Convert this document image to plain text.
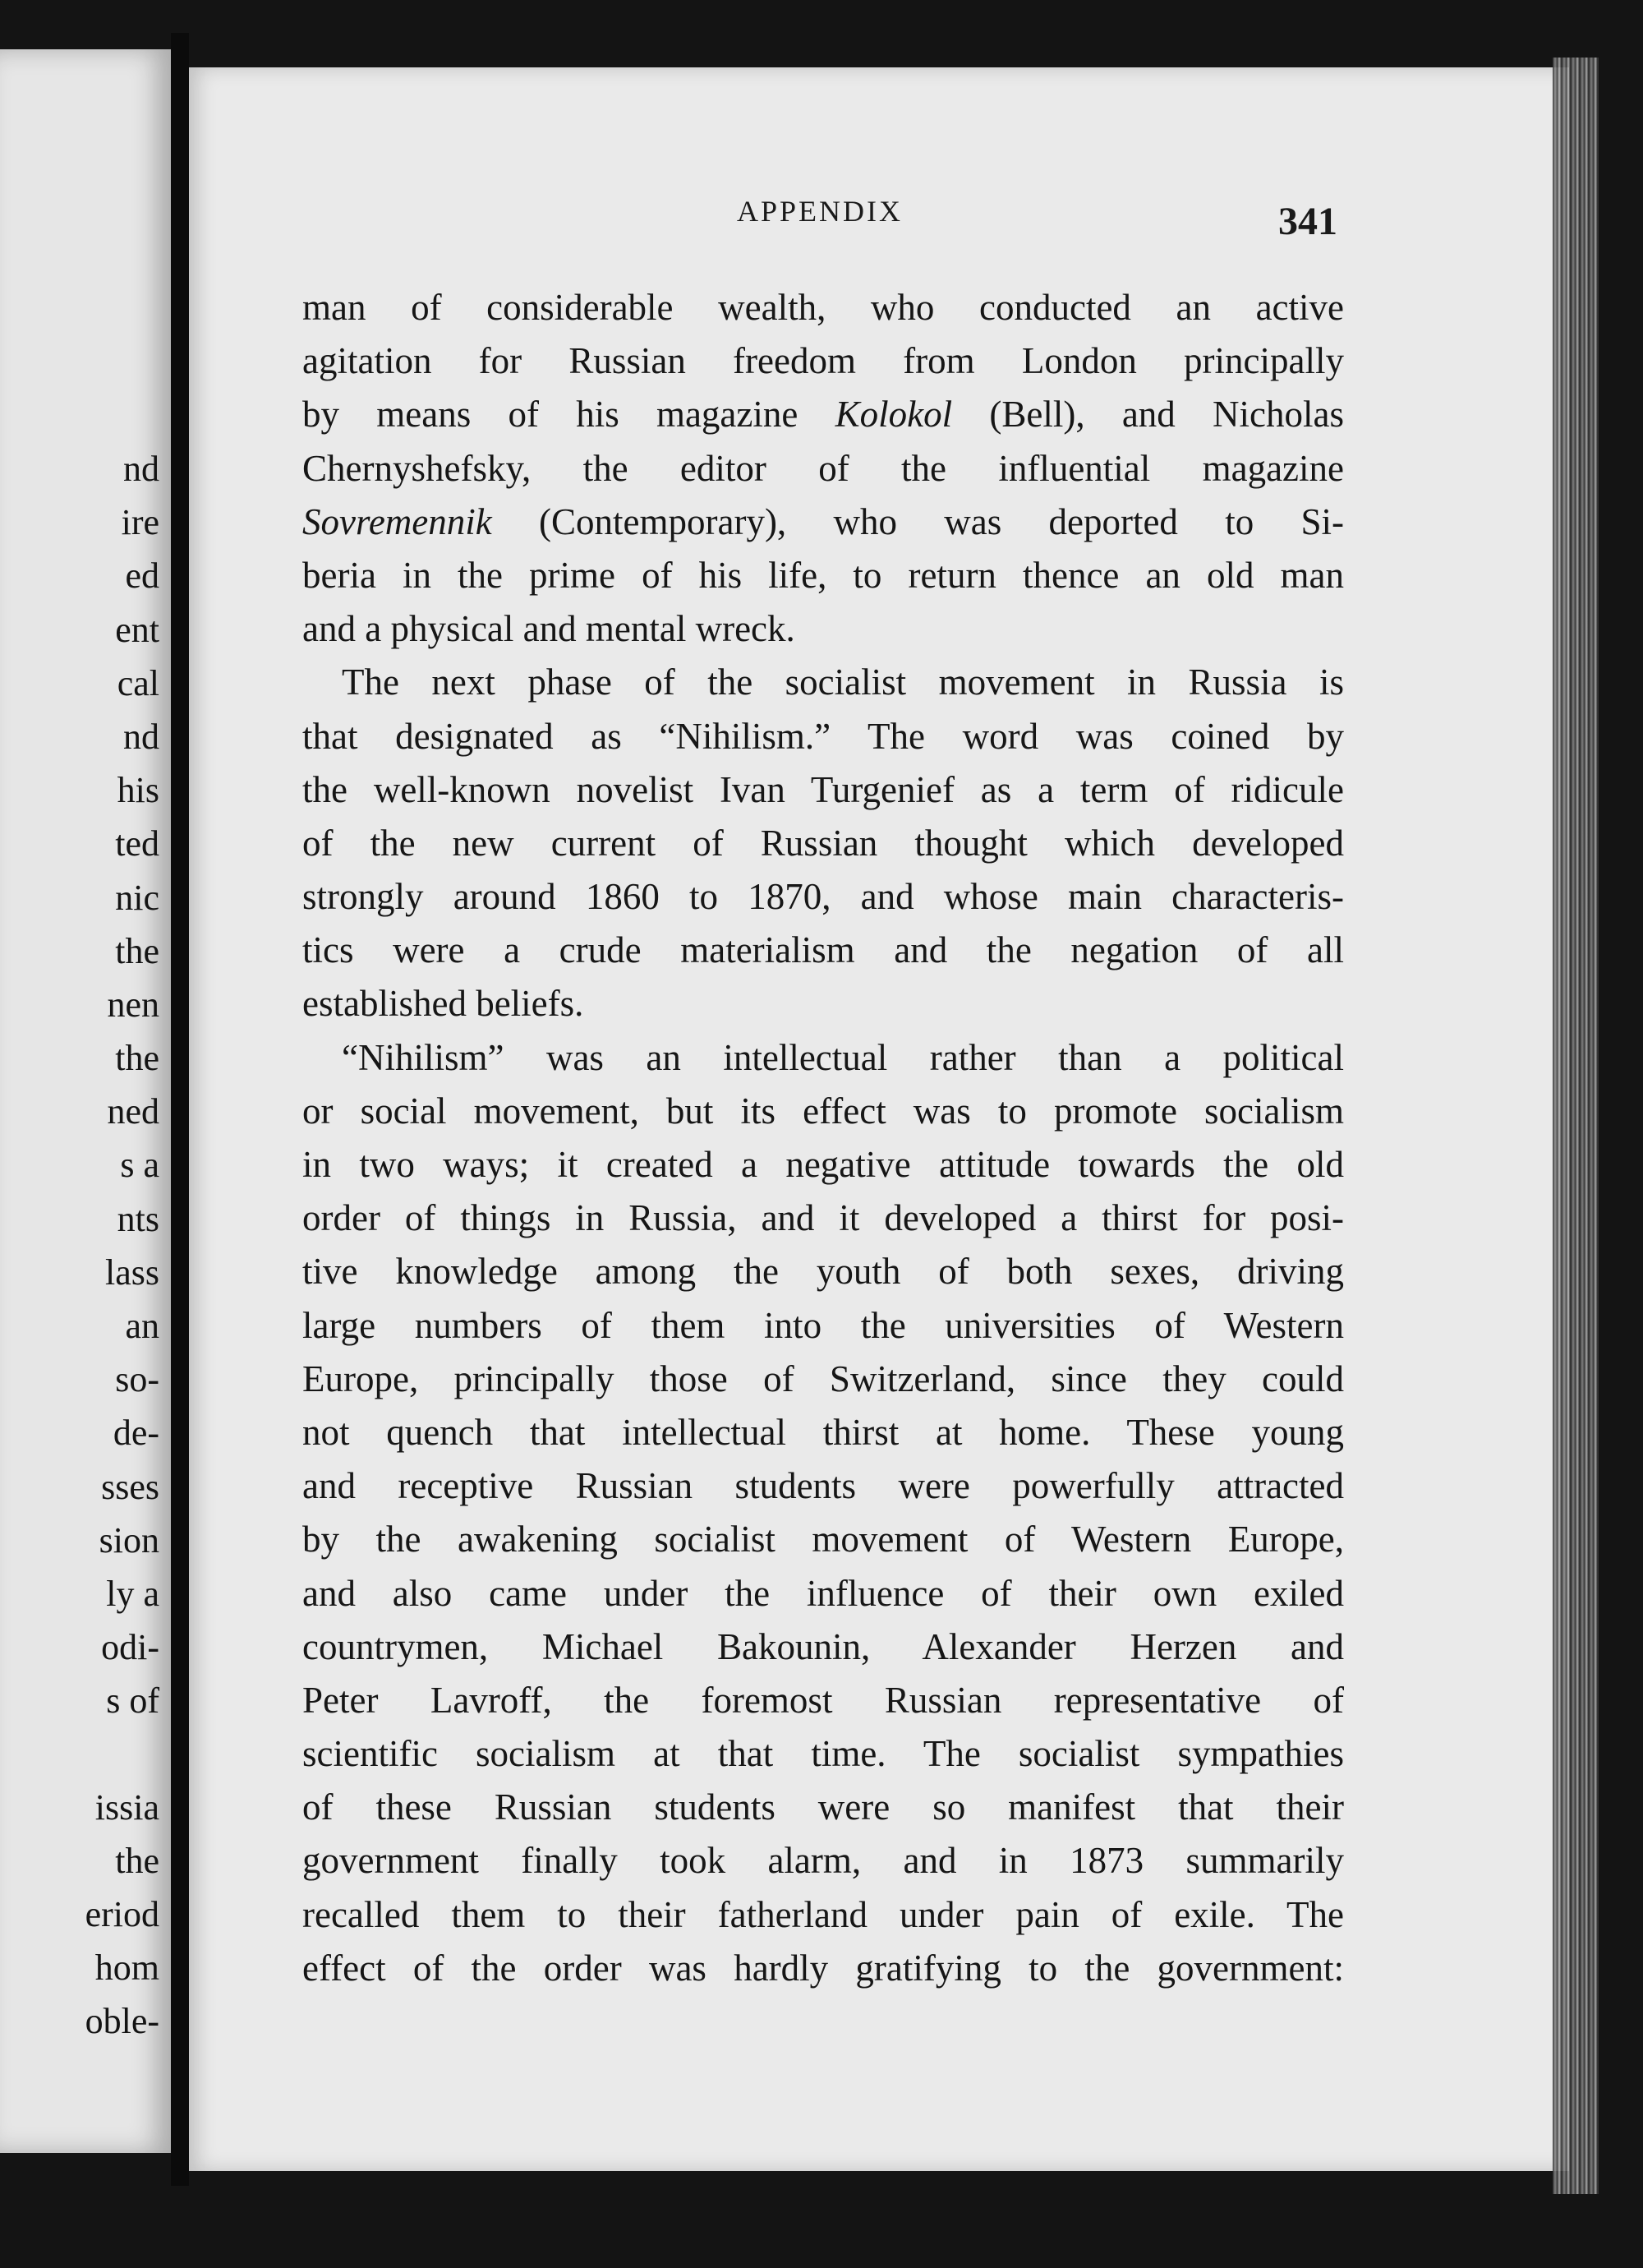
nd
ire
ed
ent
cal
nd
his
ted
nic
the
nen
the
ned
s a
nts
lass
an
so-
de-
sses
sion
ly a
odi-
s of
issia
the
eriod
hom
oble-
APPENDIX	341
man of considerable wealth, who conducted an active
agitation for Russian freedom from London principally
by means of his magazine Kolokol (Bell), and Nicholas
Chernyshefsky, the editor of the influential magazine
Sovremennik (Contemporary), who was deported to Si-
beria in the prime of his life, to return thence an old man
and a physical and mental wreck.
The next phase of the socialist movement in Russia is
that designated as “Nihilism.” The word was coined by
the well-known novelist Ivan Turgenief as a term of ridicule
of the new current of Russian thought which developed
strongly around 1860 to 1870, and whose main characteris-
tics were a crude materialism and the negation of all
established beliefs.
“Nihilism” was an intellectual rather than a political
or social movement, but its effect was to promote socialism
in two ways; it created a negative attitude towards the old
order of things in Russia, and it developed a thirst for posi-
tive knowledge among the youth of both sexes, driving
large numbers of them into the universities of Western
Europe, principally those of Switzerland, since they could
not quench that intellectual thirst at home. These young
and receptive Russian students were powerfully attracted
by the awakening socialist movement of Western Europe,
and also came under the influence of their own exiled
countrymen, Michael Bakounin, Alexander Herzen and
Peter Lavroff, the foremost Russian representative of
scientific socialism at that time. The socialist sympathies
of these Russian students were so manifest that their
government finally took alarm, and in 1873 summarily
recalled them to their fatherland under pain of exile. The
effect of the order was hardly gratifying to the government:
